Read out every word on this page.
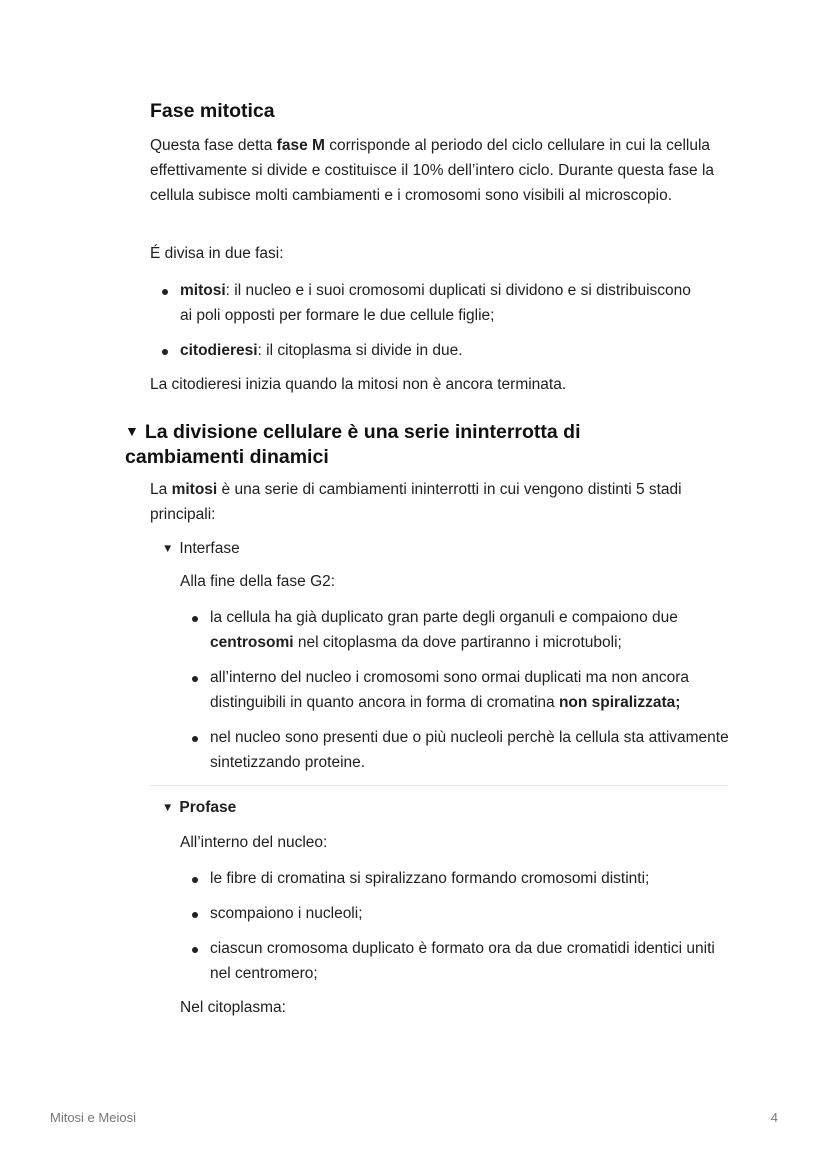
Fase mitotica

Questa fase detta fase M corrisponde al periodo del ciclo cellulare in cui la cellula effettivamente si divide e costituisce il 10% dell’intero ciclo. Durante questa fase la cellula subisce molti cambiamenti e i cromosomi sono visibili al microscopio.

É divisa in due fasi:

mitosi: il nucleo e i suoi cromosomi duplicati si dividono e si distribuiscono ai poli opposti per formare le due cellule figlie;
citodieresi: il citoplasma si divide in due.

La citodieresi inizia quando la mitosi non è ancora terminata.

▼ La divisione cellulare è una serie ininterrotta di cambiamenti dinamici

La mitosi è una serie di cambiamenti ininterrotti in cui vengono distinti 5 stadi principali:

▼ Interfase

Alla fine della fase G2:

la cellula ha già duplicato gran parte degli organuli e compaiono due centrosomi nel citoplasma da dove partiranno i microtuboli;
all’interno del nucleo i cromosomi sono ormai duplicati ma non ancora distinguibili in quanto ancora in forma di cromatina non spiralizzata;
nel nucleo sono presenti due o più nucleoli perchè la cellula sta attivamente sintetizzando proteine.
▼ Profase

All’interno del nucleo:

le fibre di cromatina si spiralizzano formando cromosomi distinti;
scompaiono i nucleoli;
ciascun cromosoma duplicato è formato ora da due cromatidi identici uniti nel centromero;

Nel citoplasma:

Mitosi e Meiosi	4
